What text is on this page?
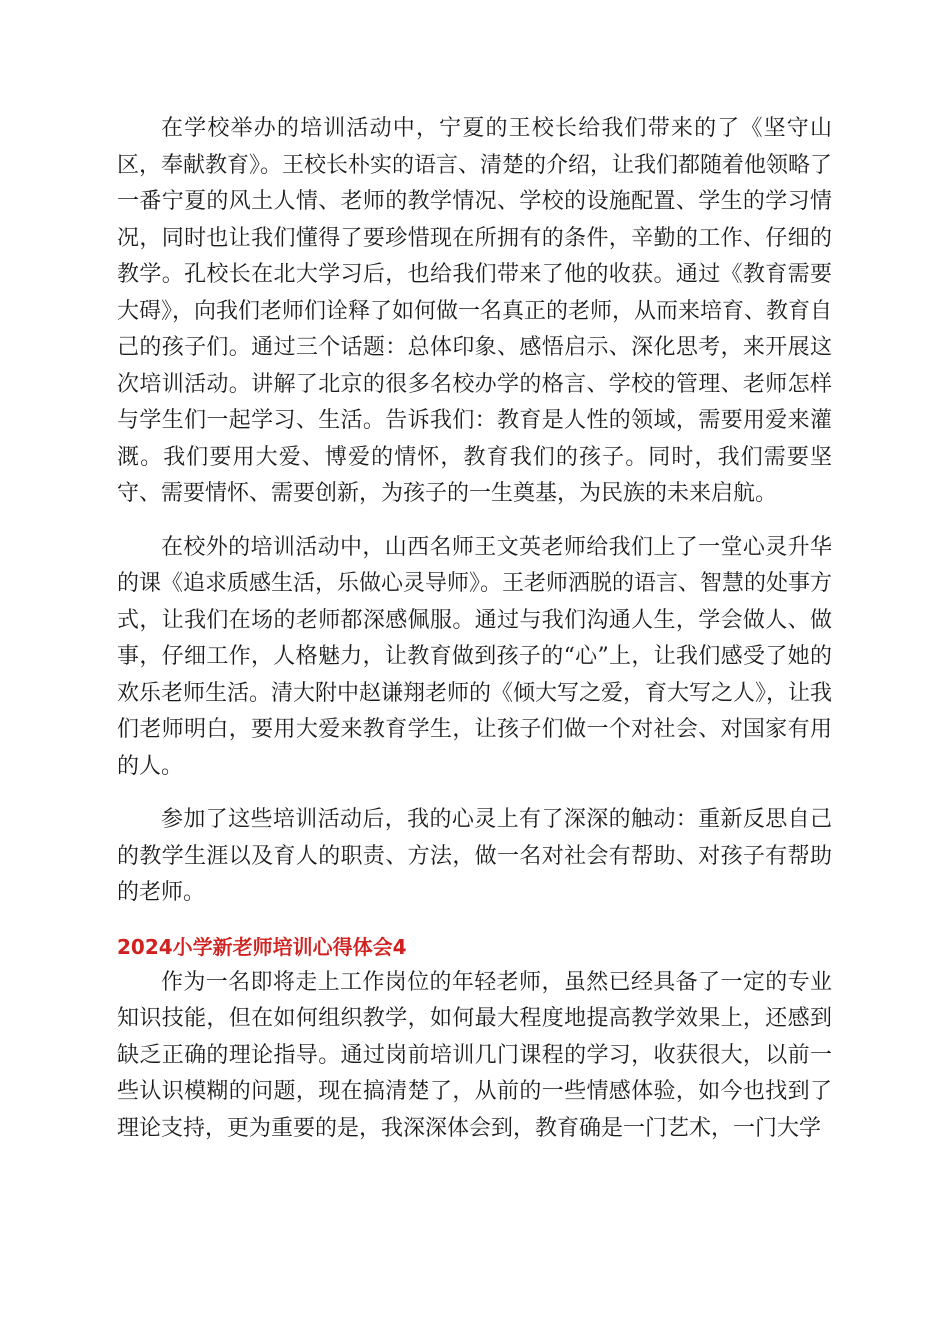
在学校举办的培训活动中，宁夏的王校长给我们带来的了《坚守山区，奉献教育》。王校长朴实的语言、清楚的介绍，让我们都随着他领略了一番宁夏的风土人情、老师的教学情况、学校的设施配置、学生的学习情况，同时也让我们懂得了要珍惜现在所拥有的条件，辛勤的工作、仔细的教学。孔校长在北大学习后，也给我们带来了他的收获。通过《教育需要大碍》，向我们老师们诠释了如何做一名真正的老师，从而来培育、教育自己的孩子们。通过三个话题：总体印象、感悟启示、深化思考，来开展这次培训活动。讲解了北京的很多名校办学的格言、学校的管理、老师怎样与学生们一起学习、生活。告诉我们：教育是人性的领域，需要用爱来灌溉。我们要用大爱、博爱的情怀，教育我们的孩子。同时，我们需要坚守、需要情怀、需要创新，为孩子的一生奠基，为民族的未来启航。

在校外的培训活动中，山西名师王文英老师给我们上了一堂心灵升华的课《追求质感生活，乐做心灵导师》。王老师洒脱的语言、智慧的处事方式，让我们在场的老师都深感佩服。通过与我们沟通人生，学会做人、做事，仔细工作，人格魅力，让教育做到孩子的“心”上，让我们感受了她的欢乐老师生活。清大附中赵谦翔老师的《倾大写之爱，育大写之人》，让我们老师明白，要用大爱来教育学生，让孩子们做一个对社会、对国家有用的人。

参加了这些培训活动后，我的心灵上有了深深的触动：重新反思自己的教学生涯以及育人的职责、方法，做一名对社会有帮助、对孩子有帮助的老师。

2024小学新老师培训心得体会4

作为一名即将走上工作岗位的年轻老师，虽然已经具备了一定的专业知识技能，但在如何组织教学，如何最大程度地提高教学效果上，还感到缺乏正确的理论指导。通过岗前培训几门课程的学习，收获很大，以前一些认识模糊的问题，现在搞清楚了，从前的一些情感体验，如今也找到了理论支持，更为重要的是，我深深体会到，教育确是一门艺术，一门大学
